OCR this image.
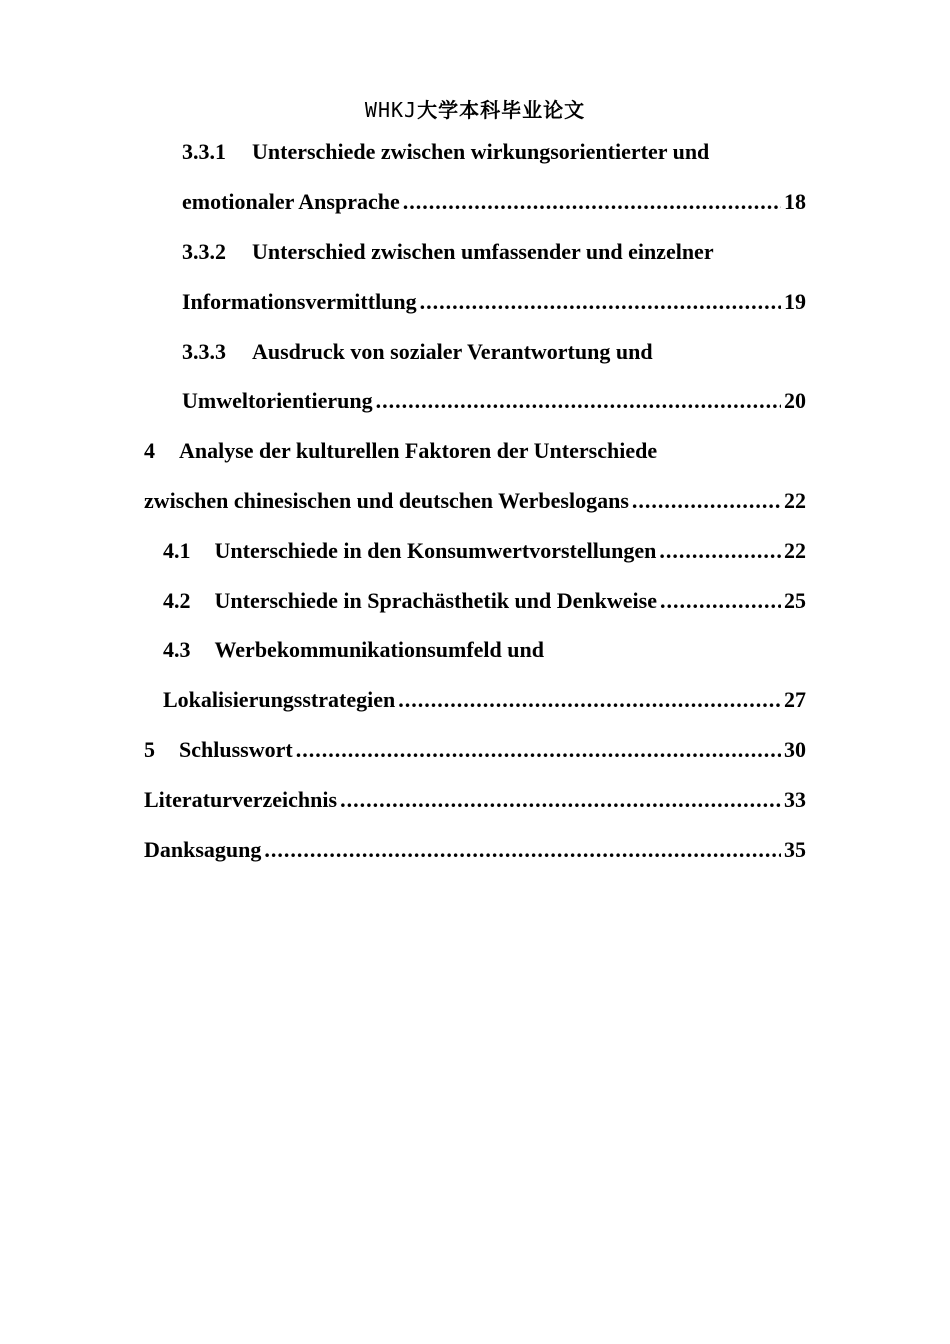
WHKJ大学本科毕业论文
3.3.1 Unterschiede zwischen wirkungsorientierter und
emotionaler Ansprache .....	18
3.3.2 Unterschied zwischen umfassender und einzelner
Informationsvermittlung .....	19
3.3.3 Ausdruck von sozialer Verantwortung und
Umweltorientierung .....	20
4 Analyse der kulturellen Faktoren der Unterschiede
zwischen chinesischen und deutschen Werbeslogans .....	22
4.1 Unterschiede in den Konsumwertvorstellungen .....	22
4.2 Unterschiede in Sprachästhetik und Denkweise .....	25
4.3 Werbekommunikationsumfeld und
Lokalisierungsstrategien .....	27
5 Schlusswort .....	30
Literaturverzeichnis .....	33
Danksagung .....	35
